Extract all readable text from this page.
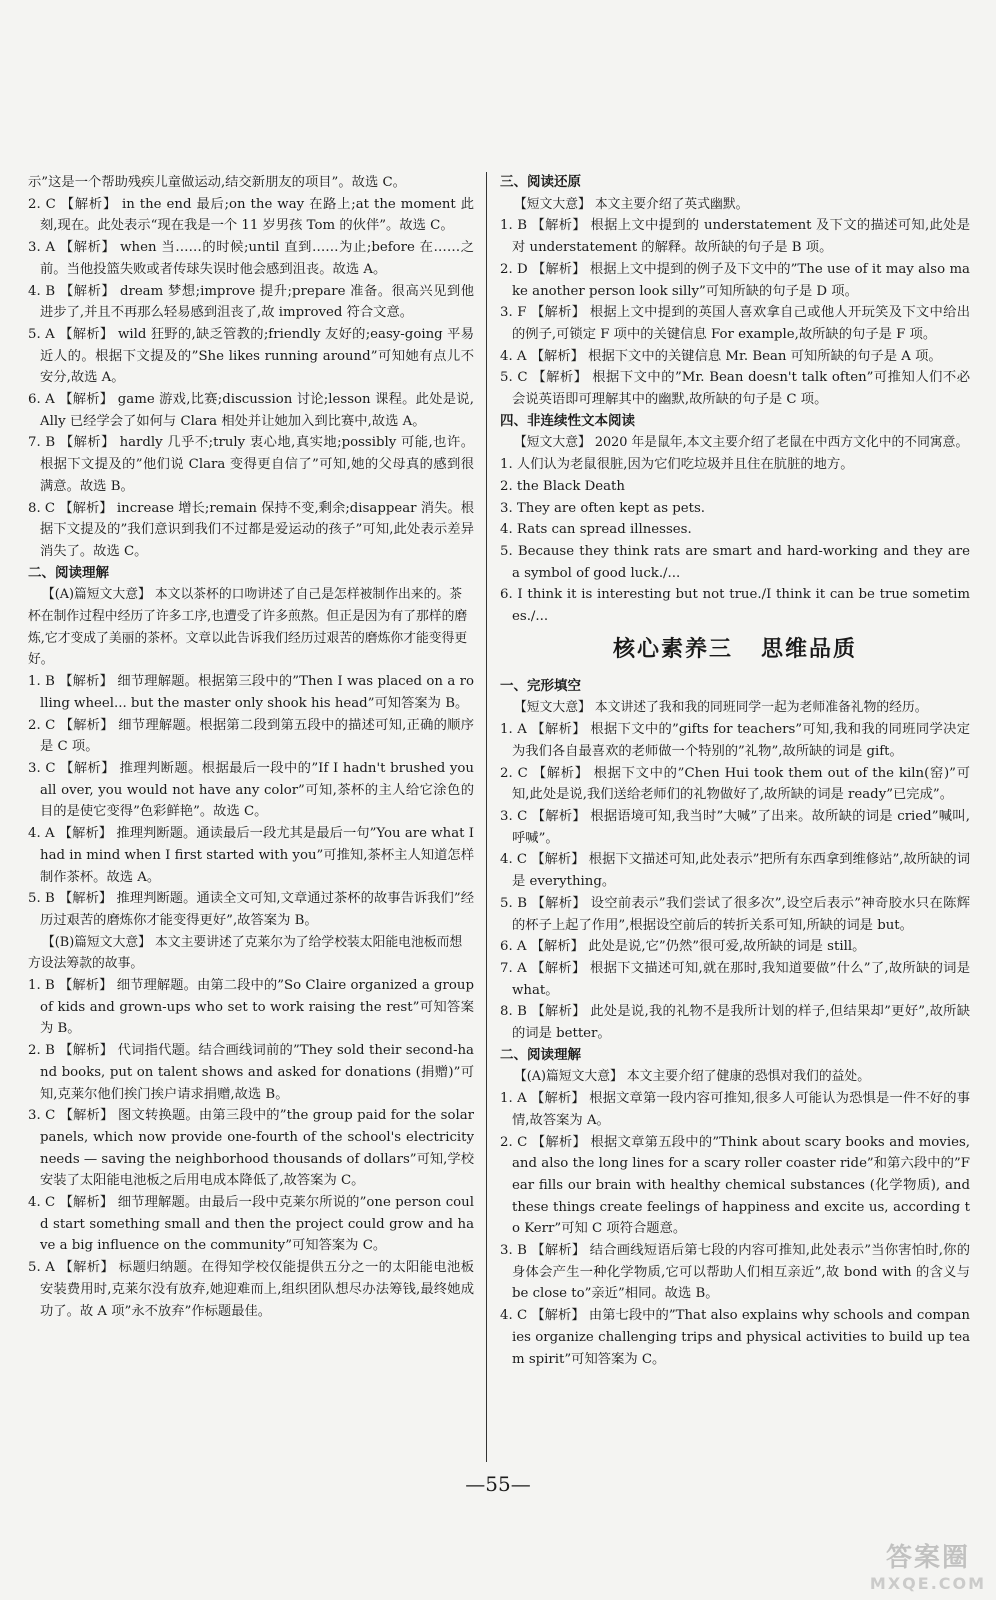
示”这是一个帮助残疾儿童做运动,结交新朋友的项目”。故选 C。

2. C 【解析】 in the end 最后;on the way 在路上;at the moment 此刻,现在。此处表示“现在我是一个 11 岁男孩 Tom 的伙伴”。故选 C。

3. A 【解析】 when 当……的时候;until 直到……为止;before 在……之前。当他投篮失败或者传球失误时他会感到沮丧。故选 A。

4. B 【解析】 dream 梦想;improve 提升;prepare 准备。很高兴见到他进步了,并且不再那么轻易感到沮丧了,故 improved 符合文意。

5. A 【解析】 wild 狂野的,缺乏管教的;friendly 友好的;easy-going 平易近人的。根据下文提及的”She likes running around”可知她有点儿不安分,故选 A。

6. A 【解析】 game 游戏,比赛;discussion 讨论;lesson 课程。此处是说,Ally 已经学会了如何与 Clara 相处并让她加入到比赛中,故选 A。

7. B 【解析】 hardly 几乎不;truly 衷心地,真实地;possibly 可能,也许。根据下文提及的”他们说 Clara 变得更自信了”可知,她的父母真的感到很满意。故选 B。

8. C 【解析】 increase 增长;remain 保持不变,剩余;disappear 消失。根据下文提及的”我们意识到我们不过都是爱运动的孩子”可知,此处表示差异消失了。故选 C。

二、阅读理解

【(A)篇短文大意】 本文以茶杯的口吻讲述了自己是怎样被制作出来的。茶杯在制作过程中经历了许多工序,也遭受了许多煎熬。但正是因为有了那样的磨炼,它才变成了美丽的茶杯。文章以此告诉我们经历过艰苦的磨炼你才能变得更好。

1. B 【解析】 细节理解题。根据第三段中的”Then I was placed on a rolling wheel... but the master only shook his head”可知答案为 B。

2. C 【解析】 细节理解题。根据第二段到第五段中的描述可知,正确的顺序是 C 项。

3. C 【解析】 推理判断题。根据最后一段中的”If I hadn't brushed you all over, you would not have any color”可知,茶杯的主人给它涂色的目的是使它变得”色彩鲜艳”。故选 C。

4. A 【解析】 推理判断题。通读最后一段尤其是最后一句”You are what I had in mind when I first started with you”可推知,茶杯主人知道怎样制作茶杯。故选 A。

5. B 【解析】 推理判断题。通读全文可知,文章通过茶杯的故事告诉我们”经历过艰苦的磨炼你才能变得更好”,故答案为 B。

【(B)篇短文大意】 本文主要讲述了克莱尔为了给学校装太阳能电池板而想方设法筹款的故事。

1. B 【解析】 细节理解题。由第二段中的”So Claire organized a group of kids and grown-ups who set to work raising the rest”可知答案为 B。

2. B 【解析】 代词指代题。结合画线词前的”They sold their second-hand books, put on talent shows and asked for donations (捐赠)”可知,克莱尔他们挨门挨户请求捐赠,故选 B。

3. C 【解析】 图文转换题。由第三段中的”the group paid for the solar panels, which now provide one-fourth of the school's electricity needs — saving the neighborhood thousands of dollars”可知,学校安装了太阳能电池板之后用电成本降低了,故答案为 C。

4. C 【解析】 细节理解题。由最后一段中克莱尔所说的”one person could start something small and then the project could grow and have a big influence on the community”可知答案为 C。

5. A 【解析】 标题归纳题。在得知学校仅能提供五分之一的太阳能电池板安装费用时,克莱尔没有放弃,她迎难而上,组织团队想尽办法筹钱,最终她成功了。故 A 项”永不放弃”作标题最佳。

三、阅读还原

【短文大意】 本文主要介绍了英式幽默。

1. B 【解析】 根据上文中提到的 understatement 及下文的描述可知,此处是对 understatement 的解释。故所缺的句子是 B 项。

2. D 【解析】 根据上文中提到的例子及下文中的”The use of it may also make another person look silly”可知所缺的句子是 D 项。

3. F 【解析】 根据上文中提到的英国人喜欢拿自己或他人开玩笑及下文中给出的例子,可锁定 F 项中的关键信息 For example,故所缺的句子是 F 项。

4. A 【解析】 根据下文中的关键信息 Mr. Bean 可知所缺的句子是 A 项。

5. C 【解析】 根据下文中的”Mr. Bean doesn't talk often”可推知人们不必会说英语即可理解其中的幽默,故所缺的句子是 C 项。

四、非连续性文本阅读

【短文大意】 2020 年是鼠年,本文主要介绍了老鼠在中西方文化中的不同寓意。

1. 人们认为老鼠很脏,因为它们吃垃圾并且住在肮脏的地方。

2. the Black Death

3. They are often kept as pets.

4. Rats can spread illnesses.

5. Because they think rats are smart and hard-working and they are a symbol of good luck./...

6. I think it is interesting but not true./I think it can be true sometimes./...

核心素养三 思维品质

一、完形填空

【短文大意】 本文讲述了我和我的同班同学一起为老师准备礼物的经历。

1. A 【解析】 根据下文中的”gifts for teachers”可知,我和我的同班同学决定为我们各自最喜欢的老师做一个特别的”礼物”,故所缺的词是 gift。

2. C 【解析】 根据下文中的”Chen Hui took them out of the kiln(窑)”可知,此处是说,我们送给老师们的礼物做好了,故所缺的词是 ready”已完成”。

3. C 【解析】 根据语境可知,我当时”大喊”了出来。故所缺的词是 cried”喊叫,呼喊”。

4. C 【解析】 根据下文描述可知,此处表示”把所有东西拿到维修站”,故所缺的词是 everything。

5. B 【解析】 设空前表示”我们尝试了很多次”,设空后表示”神奇胶水只在陈辉的杯子上起了作用”,根据设空前后的转折关系可知,所缺的词是 but。

6. A 【解析】 此处是说,它”仍然”很可爱,故所缺的词是 still。

7. A 【解析】 根据下文描述可知,就在那时,我知道要做”什么”了,故所缺的词是 what。

8. B 【解析】 此处是说,我的礼物不是我所计划的样子,但结果却”更好”,故所缺的词是 better。

二、阅读理解

【(A)篇短文大意】 本文主要介绍了健康的恐惧对我们的益处。

1. A 【解析】 根据文章第一段内容可推知,很多人可能认为恐惧是一件不好的事情,故答案为 A。

2. C 【解析】 根据文章第五段中的”Think about scary books and movies, and also the long lines for a scary roller coaster ride”和第六段中的”Fear fills our brain with healthy chemical substances (化学物质), and these things create feelings of happiness and excite us, according to Kerr”可知 C 项符合题意。

3. B 【解析】 结合画线短语后第七段的内容可推知,此处表示”当你害怕时,你的身体会产生一种化学物质,它可以帮助人们相互亲近”,故 bond with 的含义与 be close to”亲近”相同。故选 B。

4. C 【解析】 由第七段中的”That also explains why schools and companies organize challenging trips and physical activities to build up team spirit”可知答案为 C。

—55—
答案圈
MXQE.COM
